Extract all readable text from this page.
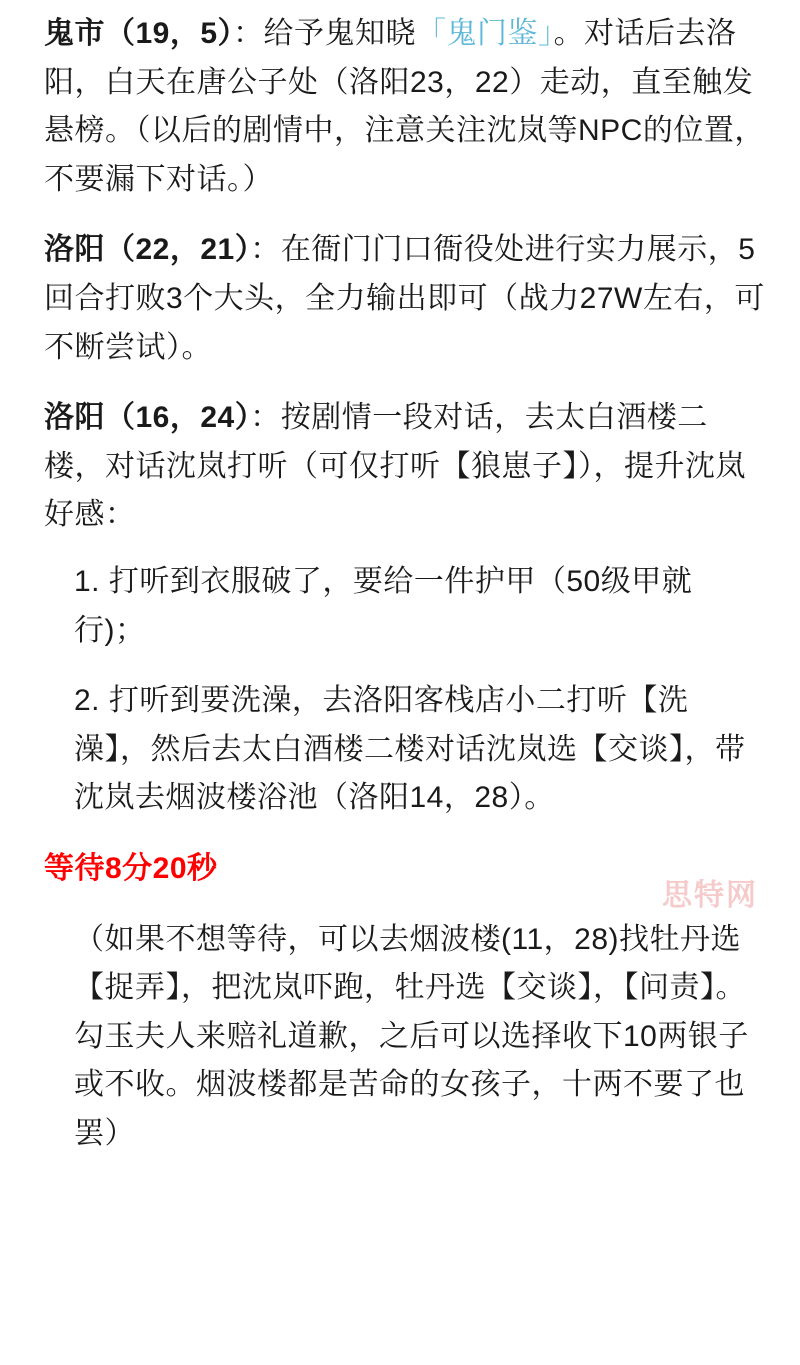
鬼市（19，5）：给予鬼知晓「鬼门鉴」。对话后去洛阳，白天在唐公子处（洛阳23，22）走动，直至触发悬榜。（以后的剧情中，注意关注沈岚等NPC的位置，不要漏下对话。）

洛阳（22，21）：在衙门门口衙役处进行实力展示，5回合打败3个大头，全力输出即可（战力27W左右，可不断尝试）。

洛阳（16，24）：按剧情一段对话，去太白酒楼二楼，对话沈岚打听（可仅打听【狼崽子】），提升沈岚好感：

1. 打听到衣服破了，要给一件护甲（50级甲就行)；

2. 打听到要洗澡，去洛阳客栈店小二打听【洗澡】，然后去太白酒楼二楼对话沈岚选【交谈】，带沈岚去烟波楼浴池（洛阳14，28）。

等待8分20秒

（如果不想等待，可以去烟波楼(11，28)找牡丹选【捉弄】，把沈岚吓跑，牡丹选【交谈】，【问责】。勾玉夫人来赔礼道歉，之后可以选择收下10两银子或不收。烟波楼都是苦命的女孩子，十两不要了也罢）

思特网
